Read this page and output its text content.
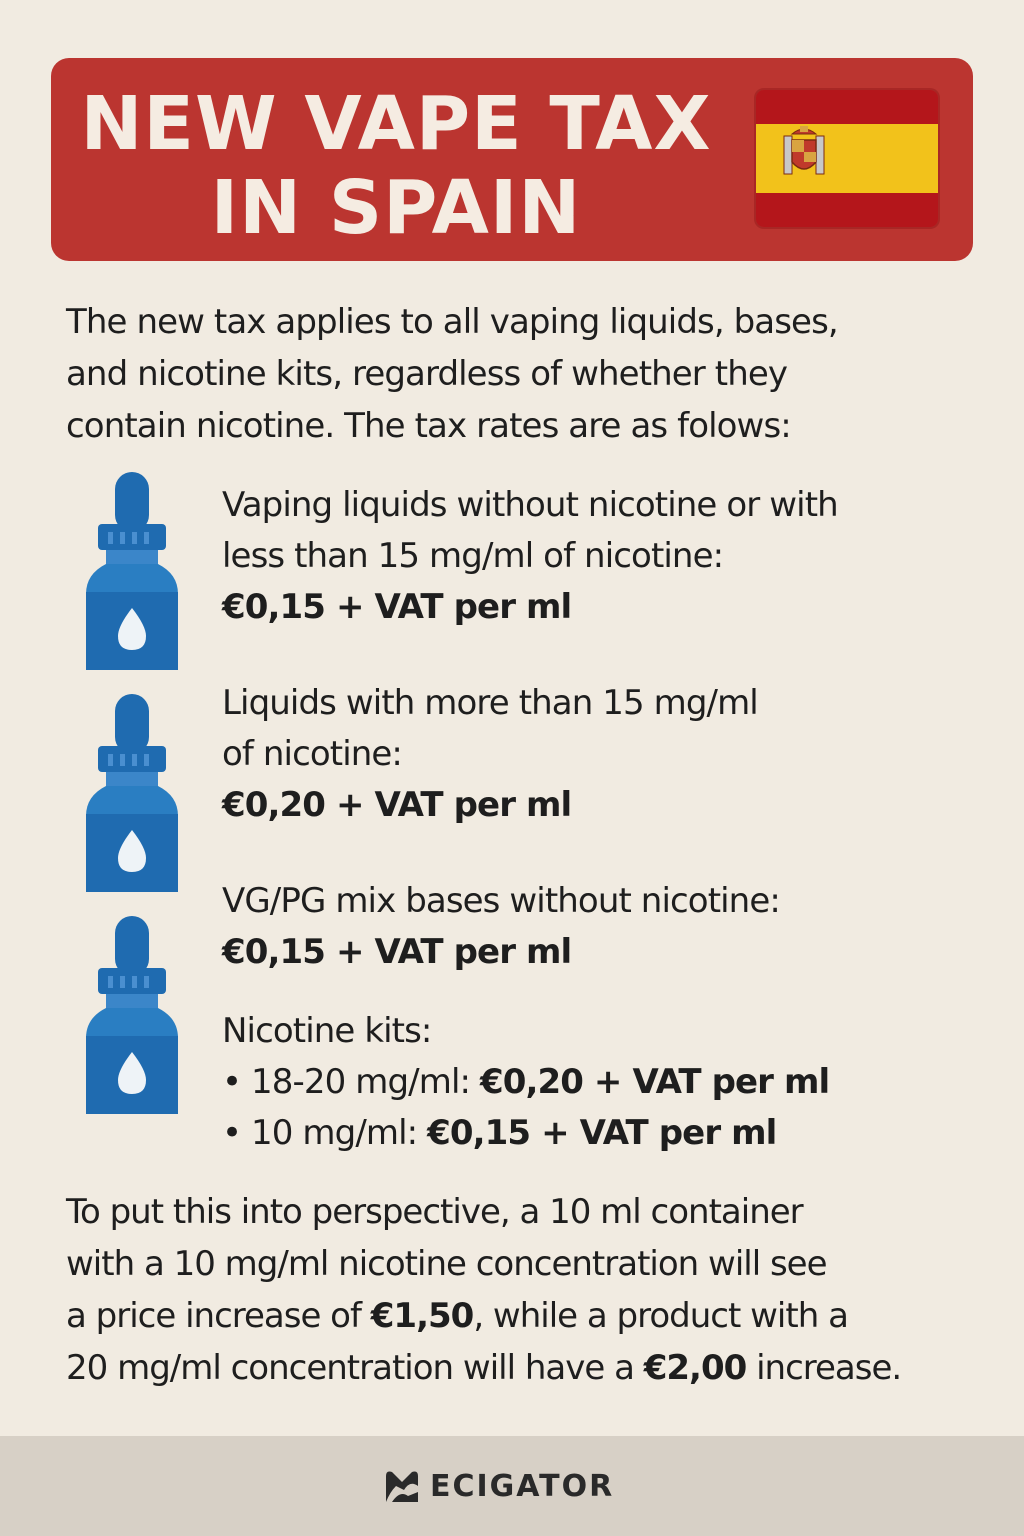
NEW VAPE TAX
IN SPAIN
The new tax applies to all vaping liquids, bases,
and nicotine kits, regardless of whether they
contain nicotine. The tax rates are as folows:
Vaping liquids without nicotine or with
less than 15 mg/ml of nicotine:
€0,15 + VAT per ml
Liquids with more than 15 mg/ml
of nicotine:
€0,20 + VAT per ml
VG/PG mix bases without nicotine:
€0,15 + VAT per ml
Nicotine kits:
• 18-20 mg/ml: €0,20 + VAT per ml
• 10 mg/ml: €0,15 + VAT per ml
To put this into perspective, a 10 ml container
with a 10 mg/ml nicotine concentration will see
a price increase of €1,50, while a product with a
20 mg/ml concentration will have a €2,00 increase.
ECIGATOR
